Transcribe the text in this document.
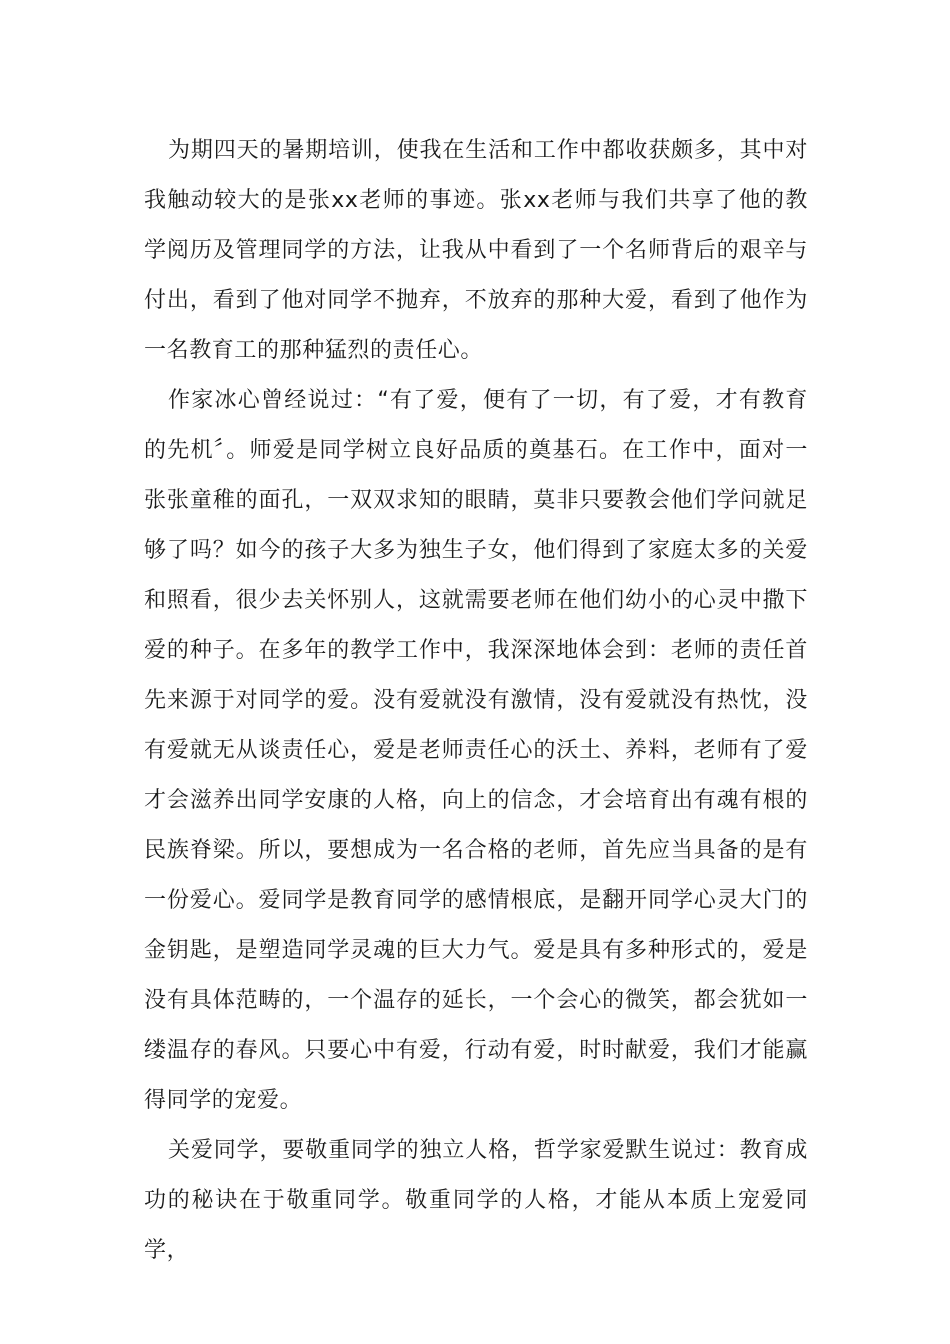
为期四天的暑期培训，使我在生活和工作中都收获颇多，其中对我触动较大的是张xx老师的事迹。张xx老师与我们共享了他的教学阅历及管理同学的方法，让我从中看到了一个名师背后的艰辛与付出，看到了他对同学不抛弃，不放弃的那种大爱，看到了他作为一名教育工的那种猛烈的责任心。

作家冰心曾经说过：“有了爱，便有了一切，有了爱，才有教育的先机〞。师爱是同学树立良好品质的奠基石。在工作中，面对一张张童稚的面孔，一双双求知的眼睛，莫非只要教会他们学问就足够了吗？如今的孩子大多为独生子女，他们得到了家庭太多的关爱和照看，很少去关怀别人，这就需要老师在他们幼小的心灵中撒下爱的种子。在多年的教学工作中，我深深地体会到：老师的责任首先来源于对同学的爱。没有爱就没有激情，没有爱就没有热忱，没有爱就无从谈责任心，爱是老师责任心的沃土、养料，老师有了爱才会滋养出同学安康的人格，向上的信念，才会培育出有魂有根的民族脊梁。所以，要想成为一名合格的老师，首先应当具备的是有一份爱心。爱同学是教育同学的感情根底，是翻开同学心灵大门的金钥匙，是塑造同学灵魂的巨大力气。爱是具有多种形式的，爱是没有具体范畴的，一个温存的延长，一个会心的微笑，都会犹如一缕温存的春风。只要心中有爱，行动有爱，时时献爱，我们才能赢得同学的宠爱。

关爱同学，要敬重同学的独立人格，哲学家爱默生说过：教育成功的秘诀在于敬重同学。敬重同学的人格，才能从本质上宠爱同学，
